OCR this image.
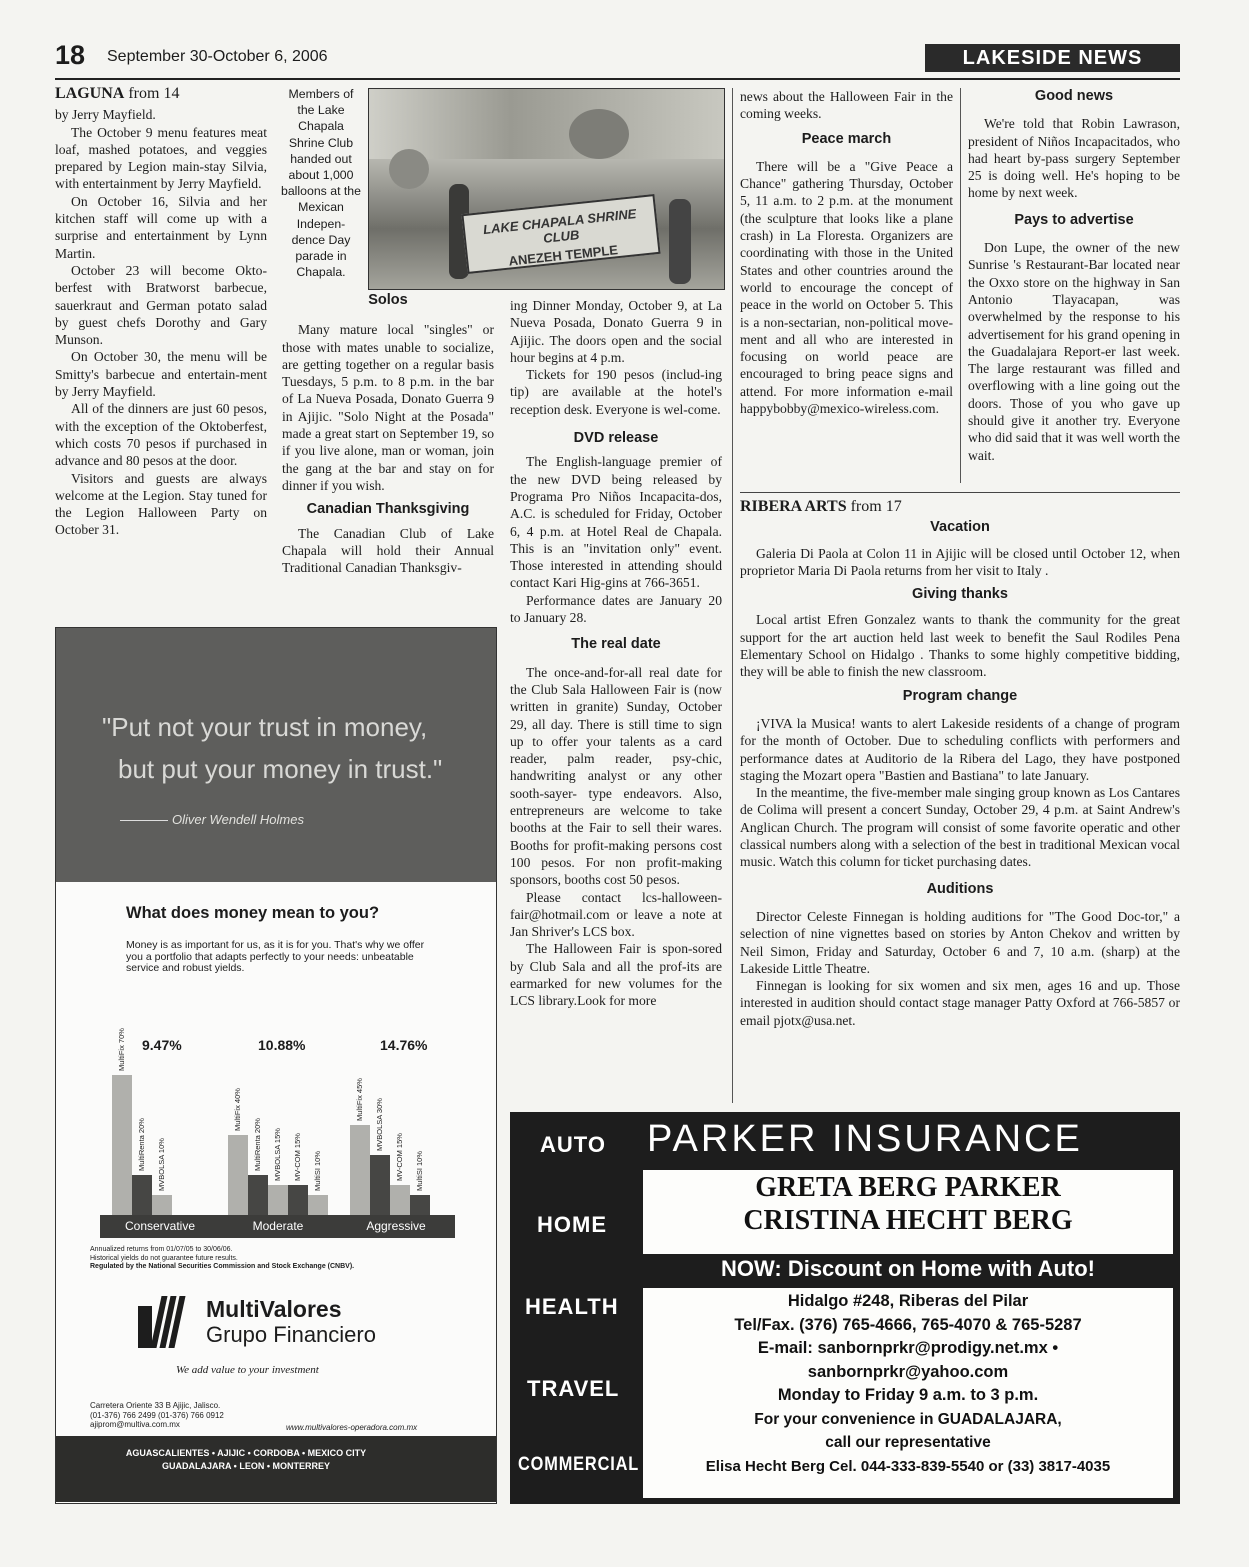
18 September 30-October 6, 2006	LAKESIDE NEWS
LAGUNA from 14

by Jerry Mayfield.

The October 9 menu features meat loaf, mashed potatoes, and veggies prepared by Legion main-stay Silvia, with entertainment by Jerry Mayfield.

On October 16, Silvia and her kitchen staff will come up with a surprise and entertainment by Lynn Martin.

October 23 will become Okto-berfest with Bratworst barbecue, sauerkraut and German potato salad by guest chefs Dorothy and Gary Munson.

On October 30, the menu will be Smitty's barbecue and entertain-ment by Jerry Mayfield.

All of the dinners are just 60 pesos, with the exception of the Oktoberfest, which costs 70 pesos if purchased in advance and 80 pesos at the door.

Visitors and guests are always welcome at the Legion. Stay tuned for the Legion Halloween Party on October 31.

Members of the Lake Chapala Shrine Club handed out about 1,000 balloons at the Mexican Indepen-dence Day parade in Chapala.
LAKE CHAPALA SHRINE CLUB
ANEZEH TEMPLE
Solos

Many mature local "singles" or those with mates unable to socialize, are getting together on a regular basis Tuesdays, 5 p.m. to 8 p.m. in the bar of La Nueva Posada, Donato Guerra 9 in Ajijic. "Solo Night at the Posada" made a great start on September 19, so if you live alone, man or woman, join the gang at the bar and stay on for dinner if you wish.

Canadian Thanksgiving

The Canadian Club of Lake Chapala will hold their Annual Traditional Canadian Thanksgiv-

ing Dinner Monday, October 9, at La Nueva Posada, Donato Guerra 9 in Ajijic. The doors open and the social hour begins at 4 p.m.

Tickets for 190 pesos (includ-ing tip) are available at the hotel's reception desk. Everyone is wel-come.

DVD release

The English-language premier of the new DVD being released by Programa Pro Niños Incapacita-dos, A.C. is scheduled for Friday, October 6, 4 p.m. at Hotel Real de Chapala. This is an "invitation only" event. Those interested in attending should contact Kari Hig-gins at 766-3651.

Performance dates are January 20 to January 28.

The real date

The once-and-for-all real date for the Club Sala Halloween Fair is (now written in granite) Sunday, October 29, all day. There is still time to sign up to offer your talents as a card reader, palm reader, psy-chic, handwriting analyst or any other sooth-sayer- type endeavors. Also, entrepreneurs are welcome to take booths at the Fair to sell their wares. Booths for profit-making persons cost 100 pesos. For non profit-making sponsors, booths cost 50 pesos.

Please contact lcs-halloween-fair@hotmail.com or leave a note at Jan Shriver's LCS box.

The Halloween Fair is spon-sored by Club Sala and all the prof-its are earmarked for new volumes for the LCS library.Look for more

news about the Halloween Fair in the coming weeks.

Peace march

There will be a "Give Peace a Chance" gathering Thursday, October 5, 11 a.m. to 2 p.m. at the monument (the sculpture that looks like a plane crash) in La Floresta. Organizers are coordinating with those in the United States and other countries around the world to encourage the concept of peace in the world on October 5. This is a non-sectarian, non-political move-ment and all who are interested in focusing on world peace are encouraged to bring peace signs and attend. For more information e-mail happybobby@mexico-wireless.com.

Good news

We're told that Robin Lawrason, president of Niños Incapacitados, who had heart by-pass surgery September 25 is doing well. He's hoping to be home by next week.

Pays to advertise

Don Lupe, the owner of the new Sunrise 's Restaurant-Bar located near the Oxxo store on the highway in San Antonio Tlayacapan, was overwhelmed by the response to his advertisement for his grand opening in the Guadalajara Report-er last week. The large restaurant was filled and overflowing with a line going out the doors. Those of you who gave up should give it another try. Everyone who did said that it was well worth the wait.

RIBERA ARTS from 17
Vacation

Galeria Di Paola at Colon 11 in Ajijic will be closed until October 12, when proprietor Maria Di Paola returns from her visit to Italy .

Giving thanks

Local artist Efren Gonzalez wants to thank the community for the great support for the art auction held last week to benefit the Saul Rodiles Pena Elementary School on Hidalgo . Thanks to some highly competitive bidding, they will be able to finish the new classroom.

Program change

¡VIVA la Musica! wants to alert Lakeside residents of a change of program for the month of October. Due to scheduling conflicts with performers and performance dates at Auditorio de la Ribera del Lago, they have postponed staging the Mozart opera "Bastien and Bastiana" to late January.

In the meantime, the five-member male singing group known as Los Cantares de Colima will present a concert Sunday, October 29, 4 p.m. at Saint Andrew's Anglican Church. The program will consist of some favorite operatic and other classical numbers along with a selection of the best in traditional Mexican vocal music. Watch this column for ticket purchasing dates.

Auditions

Director Celeste Finnegan is holding auditions for "The Good Doc-tor," a selection of nine vignettes based on stories by Anton Chekov and written by Neil Simon, Friday and Saturday, October 6 and 7, 10 a.m. (sharp) at the Lakeside Little Theatre.

Finnegan is looking for six women and six men, ages 16 and up. Those interested in audition should contact stage manager Patty Oxford at 766-5857 or email pjotx@usa.net.

"Put not your trust in money,
but put your money in trust."
Oliver Wendell Holmes
What does money mean to you?
Money is as important for us, as it is for you. That's why we offer you a portfolio that adapts perfectly to your needs: unbeatable service and robust yields.
MultiFix 70%
MultiRenta 20% MVBOLSA 10%
9.47%
MultiFix 40%
MultiRenta 20% MVBOLSA 15% MV-COM 15% MultiSI 10%
10.88%
MultiFix 45% MVBOLSA 30%
MV-COM 15% MultiSI 10%
14.76%
Conservative	Moderate	Aggressive
Annualized returns from 01/07/05 to 30/06/06.
Historical yields do not guarantee future results.
Regulated by the National Securities Commission and Stock Exchange (CNBV).
MultiValores
Grupo Financiero
We add value to your investment
Carretera Oriente 33 B Ajijic, Jalisco.
(01-376) 766 2499 (01-376) 766 0912
ajiprom@multiva.com.mx	www.multivalores-operadora.com.mx
AGUASCALIENTES • AJIJIC • CORDOBA • MEXICO CITY
GUADALAJARA • LEON • MONTERREY
AUTO
HOME
HEALTH
TRAVEL
COMMERCIAL
PARKER INSURANCE
GRETA BERG PARKER
CRISTINA HECHT BERG
NOW: Discount on Home with Auto!
Hidalgo #248, Riberas del Pilar
Tel/Fax. (376) 765-4666, 765-4070 & 765-5287
E-mail: sanbornprkr@prodigy.net.mx •
sanbornprkr@yahoo.com
Monday to Friday 9 a.m. to 3 p.m.
For your convenience in GUADALAJARA,
call our representative
Elisa Hecht Berg Cel. 044-333-839-5540 or (33) 3817-4035
